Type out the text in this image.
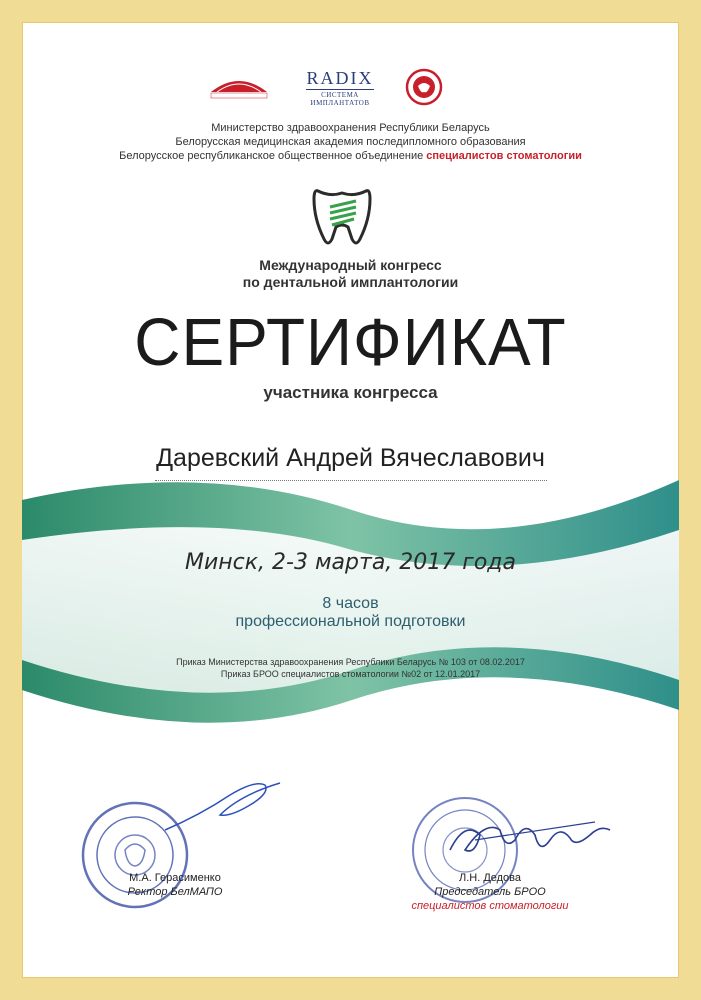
RADIX
СИСТЕМА ИМПЛАНТАТОВ
Министерство здравоохранения Республики Беларусь
Белорусская медицинская академия последипломного образования
Белорусское республиканское общественное объединение специалистов стоматологии
Международный конгресс
по дентальной имплантологии
СЕРТИФИКАТ
участника конгресса
Даревский Андрей Вячеславович
Минск, 2-3 марта, 2017 года
8 часов
профессиональной подготовки
Приказ Министерства здравоохранения Республики Беларусь № 103 от 08.02.2017
Приказ БРОО специалистов стоматологии №02 от 12.01.2017
М.А. Герасименко
Ректор БелМАПО
Л.Н. Дедова
Председатель БРОО
специалистов стоматологии
